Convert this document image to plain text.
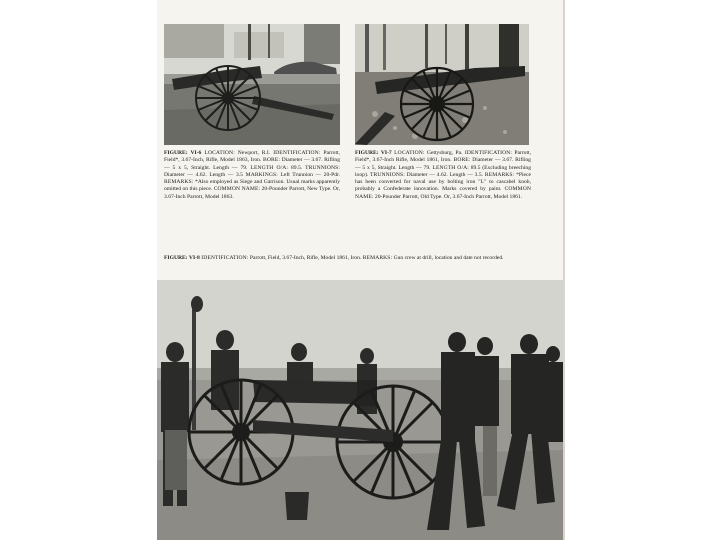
FIGURE: VI-6 LOCATION: Newport, R.I. IDENTIFICATION: Parrott, Field*, 3.67-Inch, Rifle, Model 1863, Iron. BORE: Diameter — 3.67. Rifling — 5 x 5, Straight. Length — 79. LENGTH O/A: 89.5. TRUNNIONS: Diameter — 4.62. Length — 3.5 MARKINGS: Left Trunnion — 20-Pdr. REMARKS: *Also employed as Siege and Garrison. Usual marks apparently omitted on this piece. COMMON NAME: 20-Pounder Parrott, New Type. Or, 3.67-Inch Parrott, Model 1863.
FIGURE: VI-7 LOCATION: Gettysburg, Pa. IDENTIFICATION: Parrott, Field*, 3.67-Inch Rifle, Model 1861, Iron. BORE: Diameter — 3.67. Rifling — 5 x 5, Straight. Length — 79. LENGTH O/A: 89.5 (Excluding breeching loop). TRUNNIONS: Diameter — 4.62. Length — 3.5. REMARKS: *Piece has been converted for naval use by bolting iron "L" to cascabel knob, probably a Confederate innovation. Marks covered by paint. COMMON NAME: 20-Pounder Parrott, Old Type. Or, 3.67-Inch Parrott, Model 1861.
FIGURE: VI-8 IDENTIFICATION: Parrott, Field, 3.67-Inch, Rifle, Model 1861, Iron. REMARKS: Gun crew at drill, location and date not recorded.
